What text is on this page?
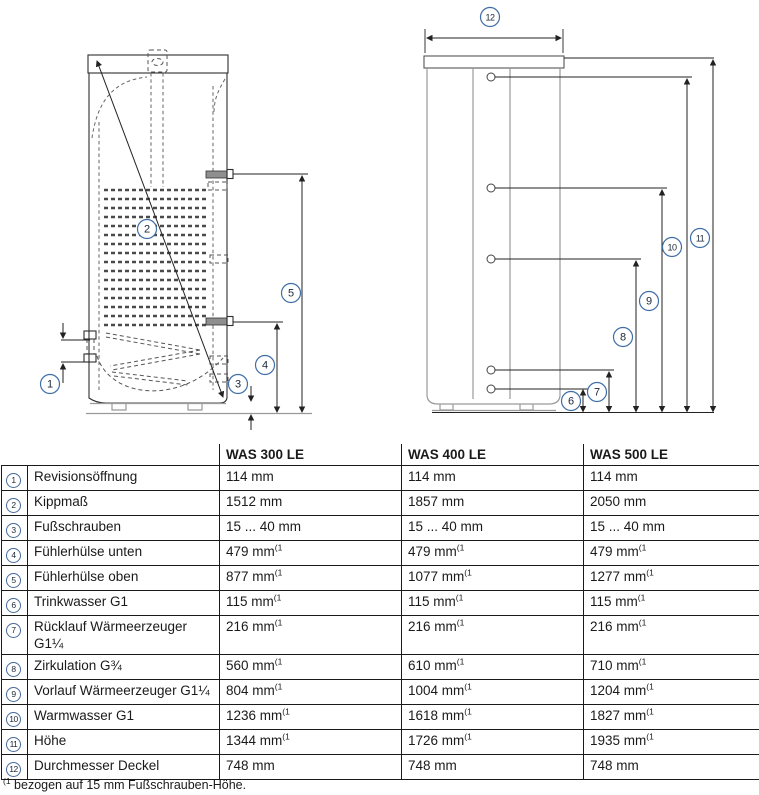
1
2
3
4
5
6
7
8
9
10
11
12
		WAS 300 LE	WAS 400 LE	WAS 500 LE
1	Revisionsöffnung	114 mm	114 mm	114 mm
2	Kippmaß	1512 mm	1857 mm	2050 mm
3	Fußschrauben	15 ... 40 mm	15 ... 40 mm	15 ... 40 mm
4	Fühlerhülse unten	479 mm$^{(1}$	479 mm$^{(1}$	479 mm$^{(1}$
5	Fühlerhülse oben	877 mm$^{(1}$	1077 mm$^{(1}$	1277 mm$^{(1}$
6	Trinkwasser G1	115 mm$^{(1}$	115 mm$^{(1}$	115 mm$^{(1}$
7	Rücklauf Wärmeerzeuger G1¼	216 mm$^{(1}$	216 mm$^{(1}$	216 mm$^{(1}$
8	Zirkulation G¾	560 mm$^{(1}$	610 mm$^{(1}$	710 mm$^{(1}$
9	Vorlauf Wärmeerzeuger G1¼	804 mm$^{(1}$	1004 mm$^{(1}$	1204 mm$^{(1}$
10	Warmwasser G1	1236 mm$^{(1}$	1618 mm$^{(1}$	1827 mm$^{(1}$
11	Höhe	1344 mm$^{(1}$	1726 mm$^{(1}$	1935 mm$^{(1}$
12	Durchmesser Deckel	748 mm	748 mm	748 mm
$^{(1}$ bezogen auf 15 mm Fußschrauben-Höhe.
